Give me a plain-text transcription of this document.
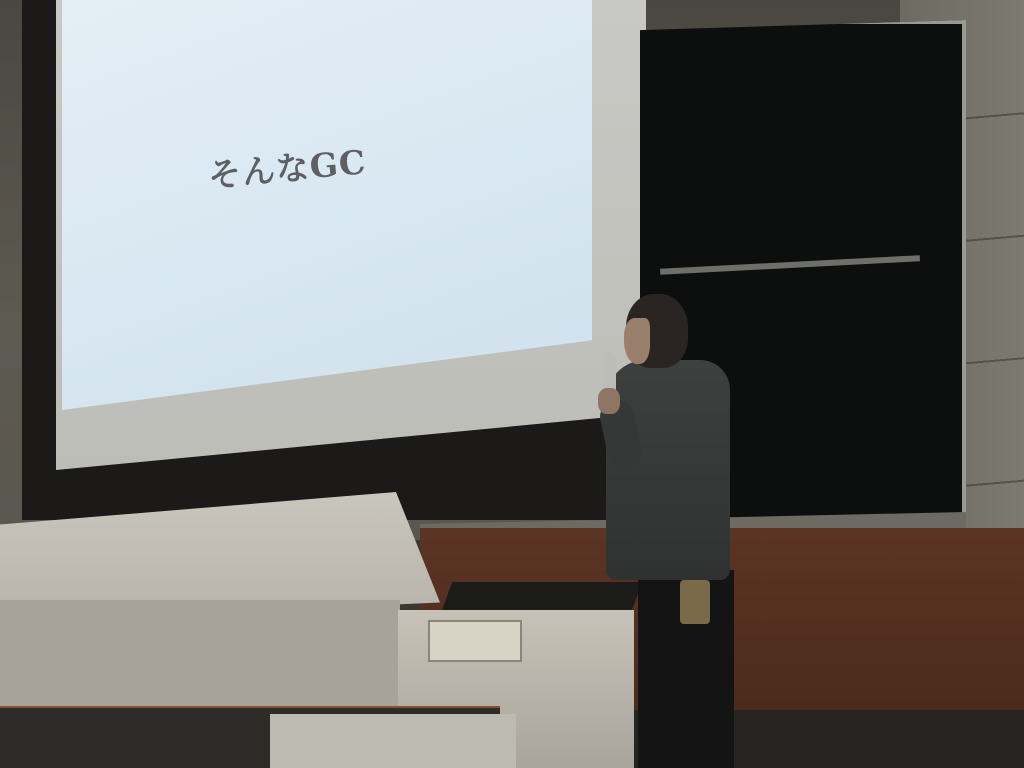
そんなGC
